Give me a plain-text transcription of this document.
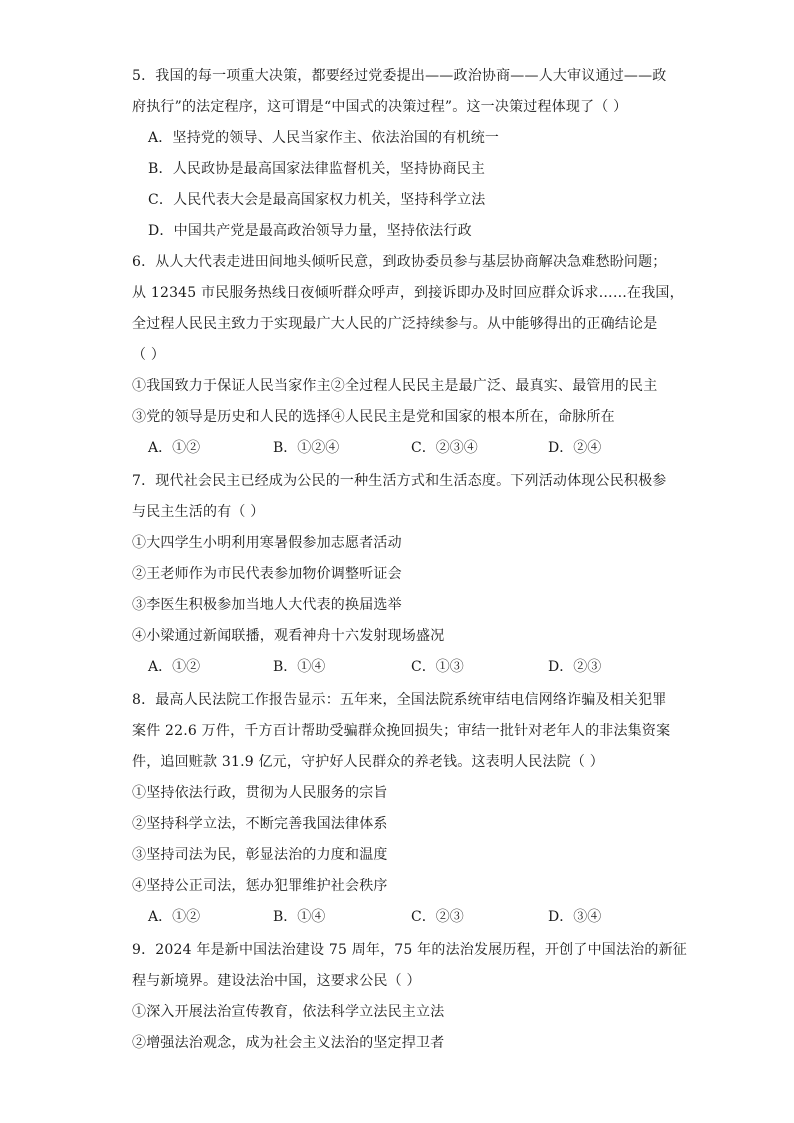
5．我国的每一项重大决策，都要经过党委提出——政治协商——人大审议通过——政
府执行”的法定程序，这可谓是“中国式的决策过程”。这一决策过程体现了（ ）
A．坚持党的领导、人民当家作主、依法治国的有机统一
B．人民政协是最高国家法律监督机关，坚持协商民主
C．人民代表大会是最高国家权力机关，坚持科学立法
D．中国共产党是最高政治领导力量，坚持依法行政
6．从人大代表走进田间地头倾听民意，到政协委员参与基层协商解决急难愁盼问题；
从 12345 市民服务热线日夜倾听群众呼声，到接诉即办及时回应群众诉求……在我国，
全过程人民民主致力于实现最广大人民的广泛持续参与。从中能够得出的正确结论是
（ ）
①我国致力于保证人民当家作主②全过程人民民主是最广泛、最真实、最管用的民主
③党的领导是历史和人民的选择④人民民主是党和国家的根本所在，命脉所在
A．①②	B．①②④	C．②③④	D．②④
7．现代社会民主已经成为公民的一种生活方式和生活态度。下列活动体现公民积极参
与民主生活的有（ ）
①大四学生小明利用寒暑假参加志愿者活动
②王老师作为市民代表参加物价调整听证会
③李医生积极参加当地人大代表的换届选举
④小梁通过新闻联播，观看神舟十六发射现场盛况
A．①②	B．①④	C．①③	D．②③
8．最高人民法院工作报告显示：五年来，全国法院系统审结电信网络诈骗及相关犯罪
案件 22.6 万件，千方百计帮助受骗群众挽回损失；审结一批针对老年人的非法集资案
件，追回赃款 31.9 亿元，守护好人民群众的养老钱。这表明人民法院（ ）
①坚持依法行政，贯彻为人民服务的宗旨
②坚持科学立法，不断完善我国法律体系
③坚持司法为民，彰显法治的力度和温度
④坚持公正司法，惩办犯罪维护社会秩序
A．①②	B．①④	C．②③	D．③④
9．2024 年是新中国法治建设 75 周年，75 年的法治发展历程，开创了中国法治的新征
程与新境界。建设法治中国，这要求公民（ ）
①深入开展法治宣传教育，依法科学立法民主立法
②增强法治观念，成为社会主义法治的坚定捍卫者
